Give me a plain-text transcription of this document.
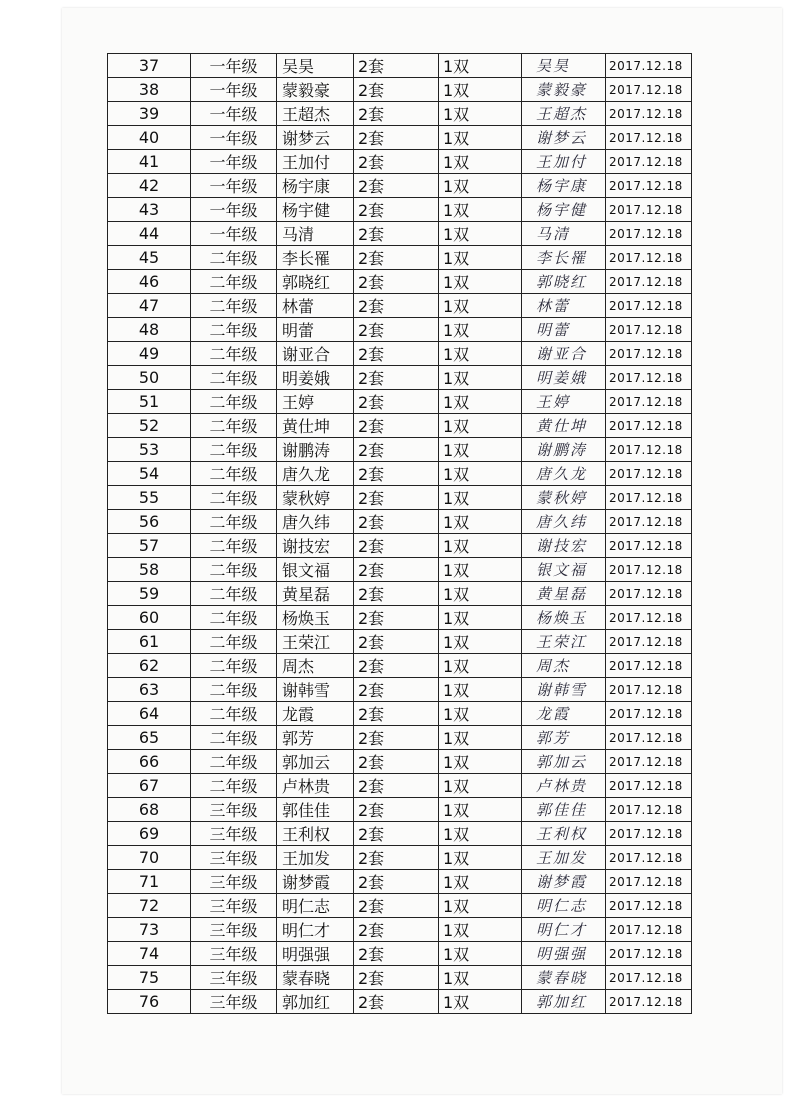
37	一年级	吴昊	2套	1双	吴昊	2017.12.18
38	一年级	蒙毅豪	2套	1双	蒙毅豪	2017.12.18
39	一年级	王超杰	2套	1双	王超杰	2017.12.18
40	一年级	谢梦云	2套	1双	谢梦云	2017.12.18
41	一年级	王加付	2套	1双	王加付	2017.12.18
42	一年级	杨宇康	2套	1双	杨宇康	2017.12.18
43	一年级	杨宇健	2套	1双	杨宇健	2017.12.18
44	一年级	马清	2套	1双	马清	2017.12.18
45	二年级	李长罹	2套	1双	李长罹	2017.12.18
46	二年级	郭晓红	2套	1双	郭晓红	2017.12.18
47	二年级	林蕾	2套	1双	林蕾	2017.12.18
48	二年级	明蕾	2套	1双	明蕾	2017.12.18
49	二年级	谢亚合	2套	1双	谢亚合	2017.12.18
50	二年级	明姜娥	2套	1双	明姜娥	2017.12.18
51	二年级	王婷	2套	1双	王婷	2017.12.18
52	二年级	黄仕坤	2套	1双	黄仕坤	2017.12.18
53	二年级	谢鹏涛	2套	1双	谢鹏涛	2017.12.18
54	二年级	唐久龙	2套	1双	唐久龙	2017.12.18
55	二年级	蒙秋婷	2套	1双	蒙秋婷	2017.12.18
56	二年级	唐久纬	2套	1双	唐久纬	2017.12.18
57	二年级	谢技宏	2套	1双	谢技宏	2017.12.18
58	二年级	银文福	2套	1双	银文福	2017.12.18
59	二年级	黄星磊	2套	1双	黄星磊	2017.12.18
60	二年级	杨焕玉	2套	1双	杨焕玉	2017.12.18
61	二年级	王荣江	2套	1双	王荣江	2017.12.18
62	二年级	周杰	2套	1双	周杰	2017.12.18
63	二年级	谢韩雪	2套	1双	谢韩雪	2017.12.18
64	二年级	龙霞	2套	1双	龙霞	2017.12.18
65	二年级	郭芳	2套	1双	郭芳	2017.12.18
66	二年级	郭加云	2套	1双	郭加云	2017.12.18
67	二年级	卢林贵	2套	1双	卢林贵	2017.12.18
68	三年级	郭佳佳	2套	1双	郭佳佳	2017.12.18
69	三年级	王利权	2套	1双	王利权	2017.12.18
70	三年级	王加发	2套	1双	王加发	2017.12.18
71	三年级	谢梦霞	2套	1双	谢梦霞	2017.12.18
72	三年级	明仁志	2套	1双	明仁志	2017.12.18
73	三年级	明仁才	2套	1双	明仁才	2017.12.18
74	三年级	明强强	2套	1双	明强强	2017.12.18
75	三年级	蒙春晓	2套	1双	蒙春晓	2017.12.18
76	三年级	郭加红	2套	1双	郭加红	2017.12.18
